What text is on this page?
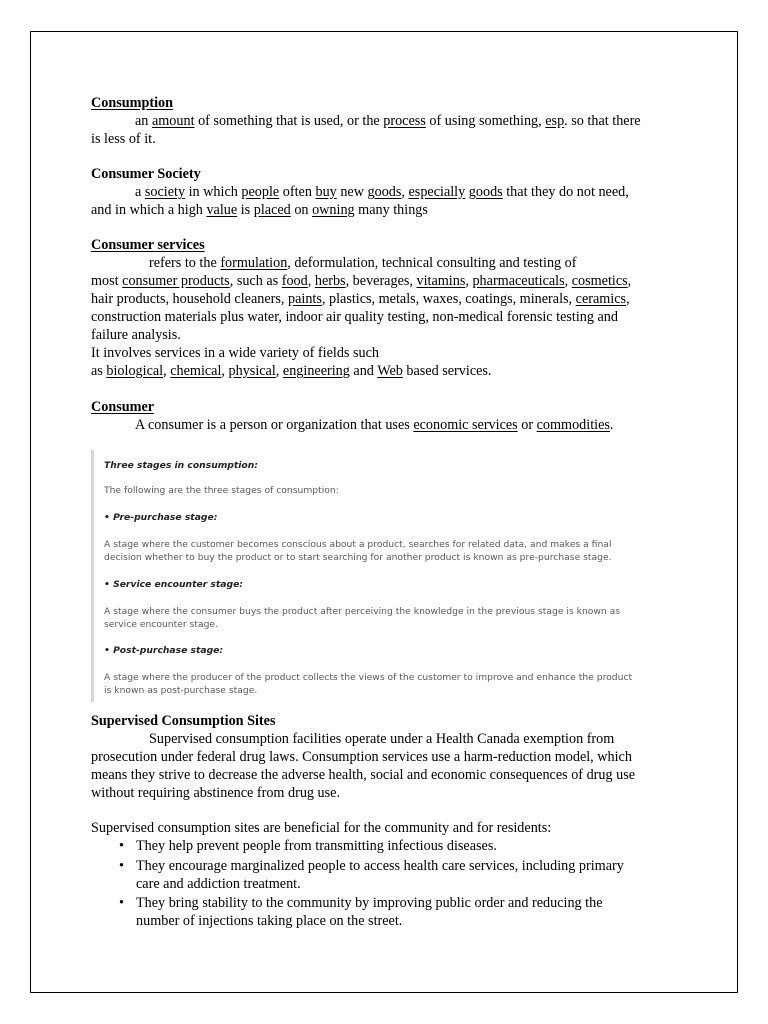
Consumption
an amount of something that is used, or the process of using something, esp. so that there
is less of it.
Consumer Society
a society in which people often buy new goods, especially goods that they do not need,
and in which a high value is placed on owning many things
Consumer services
refers to the formulation, deformulation, technical consulting and testing of
most consumer products, such as food, herbs, beverages, vitamins, pharmaceuticals, cosmetics,
hair products, household cleaners, paints, plastics, metals, waxes, coatings, minerals, ceramics,
construction materials plus water, indoor air quality testing, non-medical forensic testing and
failure analysis.
It involves services in a wide variety of fields such
as biological, chemical, physical, engineering and Web based services.
Consumer
A consumer is a person or organization that uses economic services or commodities.
Three stages in consumption:
The following are the three stages of consumption:
• Pre-purchase stage:
A stage where the customer becomes conscious about a product, searches for related data, and makes a final
decision whether to buy the product or to start searching for another product is known as pre-purchase stage.
• Service encounter stage:
A stage where the consumer buys the product after perceiving the knowledge in the previous stage is known as
service encounter stage.
• Post-purchase stage:
A stage where the producer of the product collects the views of the customer to improve and enhance the product
is known as post-purchase stage.
Supervised Consumption Sites
Supervised consumption facilities operate under a Health Canada exemption from
prosecution under federal drug laws. Consumption services use a harm-reduction model, which
means they strive to decrease the adverse health, social and economic consequences of drug use
without requiring abstinence from drug use.
Supervised consumption sites are beneficial for the community and for residents:
• They help prevent people from transmitting infectious diseases.
• They encourage marginalized people to access health care services, including primary
care and addiction treatment.
• They bring stability to the community by improving public order and reducing the
number of injections taking place on the street.
